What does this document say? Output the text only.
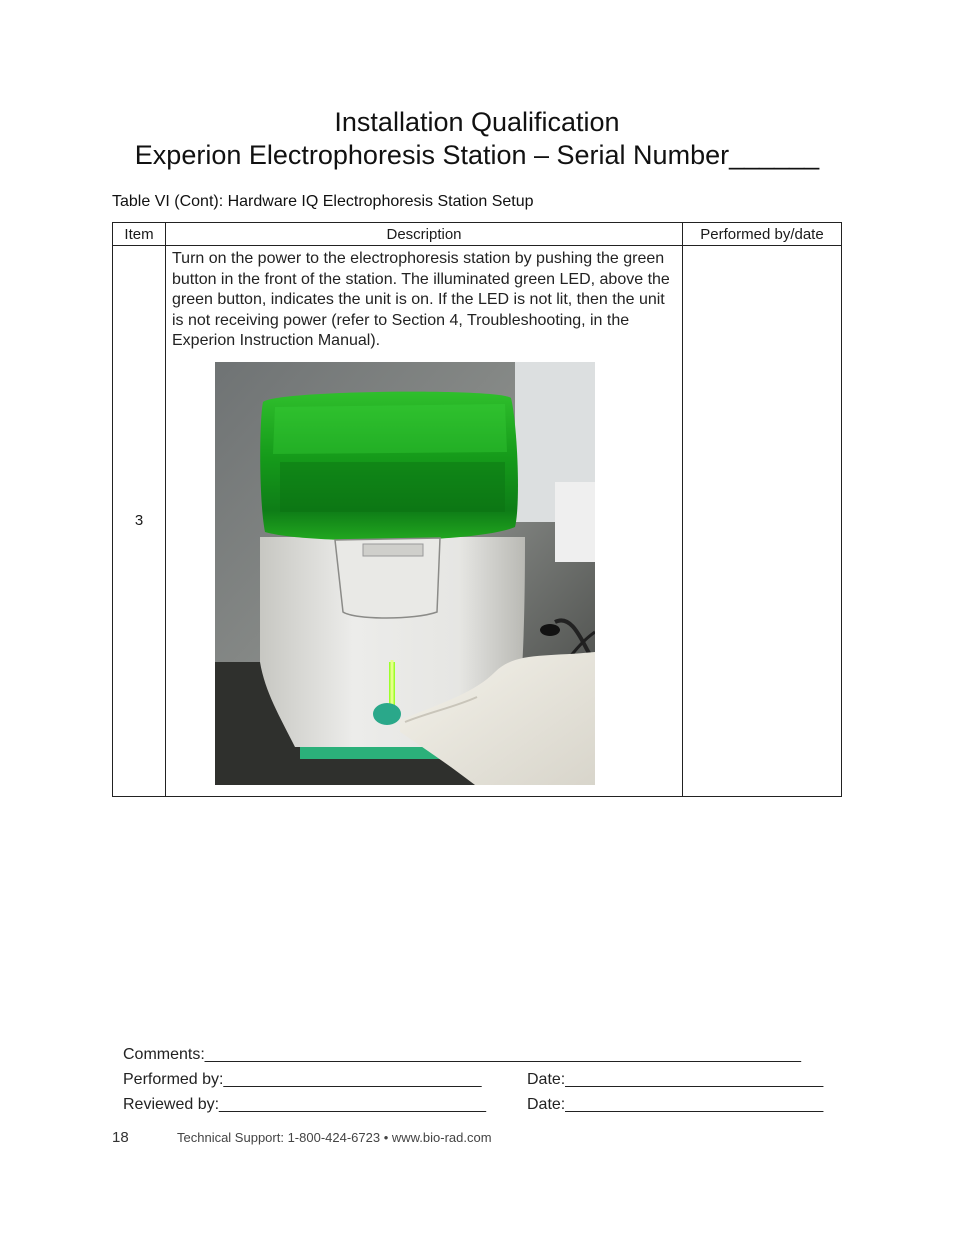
Installation Qualification

Experion Electrophoresis Station – Serial Number______
Table VI (Cont): Hardware IQ Electrophoresis Station Setup
Item	Description	Performed by/date
3	Turn on the power to the electrophoresis station by pushing the green button in the front of the station. The illuminated green LED, above the green button, indicates the unit is on. If the LED is not lit, then the unit is not receiving power (refer to Section 4, Troubleshooting, in the Experion Instruction Manual).	

Comments:___________________________________________________________________
Performed by:_____________________________	Date:_____________________________
Reviewed by:______________________________	Date:_____________________________
18	Technical Support: 1-800-424-6723 • www.bio-rad.com
